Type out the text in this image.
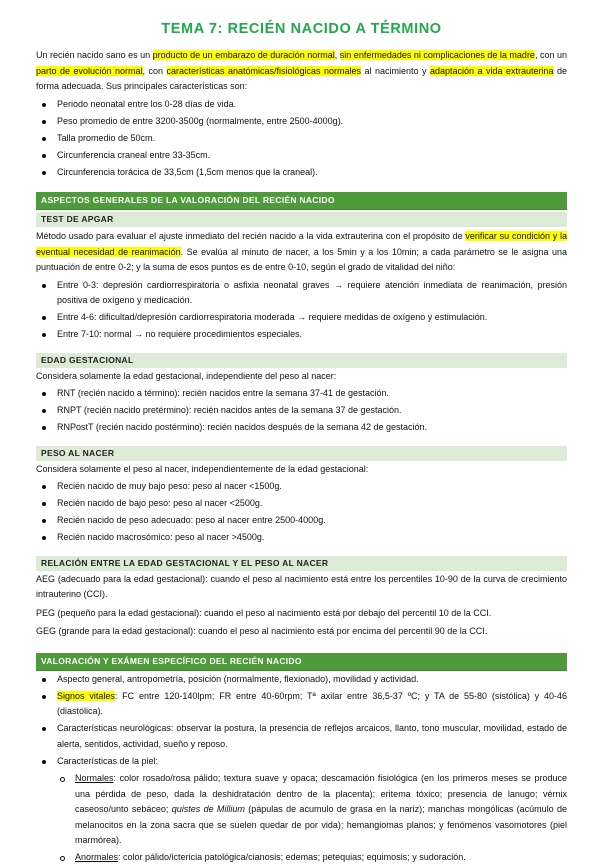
TEMA 7: RECIÉN NACIDO A TÉRMINO

Un recién nacido sano es un producto de un embarazo de duración normal, sin enfermedades ni complicaciones de la madre, con un parto de evolución normal, con características anatómicas/fisiológicas normales al nacimiento y adaptación a vida extrauterina de forma adecuada. Sus principales características son:

Periodo neonatal entre los 0-28 días de vida.
Peso promedio de entre 3200-3500g (normalmente, entre 2500-4000g).
Talla promedio de 50cm.
Circunferencia craneal entre 33-35cm.
Circunferencia torácica de 33,5cm (1,5cm menos que la craneal).
ASPECTOS GENERALES DE LA VALORACIÓN DEL RECIÉN NACIDO
TEST DE APGAR

Método usado para evaluar el ajuste inmediato del recién nacido a la vida extrauterina con el propósito de verificar su condición y la eventual necesidad de reanimación. Se evalúa al minuto de nacer, a los 5min y a los 10min; a cada parámetro se le asigna una puntuación de entre 0-2; y la suma de esos puntos es de entre 0-10, según el grado de vitalidad del niño:

Entre 0-3: depresión cardiorrespiratoria o asfixia neonatal graves → requiere atención inmediata de reanimación, presión positiva de oxígeno y medicación.
Entre 4-6: dificultad/depresión cardiorrespiratoria moderada → requiere medidas de oxígeno y estimulación.
Entre 7-10: normal → no requiere procedimientos especiales.
EDAD GESTACIONAL

Considera solamente la edad gestacional, independiente del peso al nacer:

RNT (recién nacido a término): recién nacidos entre la semana 37-41 de gestación.
RNPT (recién nacido pretérmino): recién nacidos antes de la semana 37 de gestación.
RNPostT (recién nacido postérmino): recién nacidos después de la semana 42 de gestación.
PESO AL NACER

Considera solamente el peso al nacer, independientemente de la edad gestacional:

Recién nacido de muy bajo peso: peso al nacer <1500g.
Recién nacido de bajo peso: peso al nacer <2500g.
Recién nacido de peso adecuado: peso al nacer entre 2500-4000g.
Recién nacido macrosómico: peso al nacer >4500g.
RELACIÓN ENTRE LA EDAD GESTACIONAL Y EL PESO AL NACER

AEG (adecuado para la edad gestacional): cuando el peso al nacimiento está entre los percentiles 10-90 de la curva de crecimiento intrauterino (CCI).

PEG (pequeño para la edad gestacional): cuando el peso al nacimiento está por debajo del percentil 10 de la CCI.

GEG (grande para la edad gestacional): cuando el peso al nacimiento está por encima del percentil 90 de la CCI.

VALORACIÓN Y EXÁMEN ESPECÍFICO DEL RECIÉN NACIDO
Aspecto general, antropometría, posición (normalmente, flexionado), movilidad y actividad.
Signos vitales: FC entre 120-140lpm; FR entre 40-60rpm; Tª axilar entre 36,5-37 ºC; y TA de 55-80 (sistólica) y 40-46 (diastólica).
Características neurológicas: observar la postura, la presencia de reflejos arcaicos, llanto, tono muscular, movilidad, estado de alerta, sentidos, actividad, sueño y reposo.
Características de la piel:
Normales: color rosado/rosa pálido; textura suave y opaca; descamación fisiológica (en los primeros meses se produce una pérdida de peso, dada la deshidratación dentro de la placenta); eritema tóxico; presencia de lanugo; vérnix caseoso/unto sebáceo; quistes de Millium (pápulas de acumulo de grasa en la nariz); manchas mongólicas (acúmulo de melanocitos en la zona sacra que se suelen quedar de por vida); hemangiomas planos; y fenómenos vasomotores (piel marmórea).
Anormales: color pálido/ictericia patológica/cianosis; edemas; petequias; equimosis; y sudoración.
